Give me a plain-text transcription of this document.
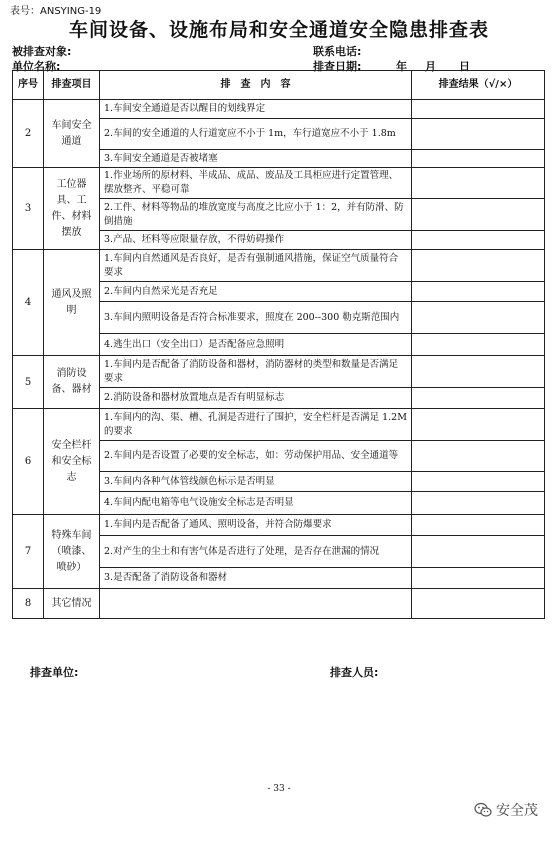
表号：ANSYING-19
车间设备、设施布局和安全通道安全隐患排查表
被排查对象:	联系电话:
单位名称:	排查日期:	年 月 日
序号	排查项目	排　查　内　容	排查结果（√/×）
2	车间安全通道	1.车间安全通道是否以醒目的划线界定	
		2.车间的安全通道的人行道宽应不小于 1m，车行道宽应不小于 1.8m	
		3.车间安全通道是否被堵塞	
3	工位器具、工件、材料摆放	1.作业场所的原材料、半成品、成品、废品及工具柜应进行定置管理、摆放整齐、平稳可靠	
		2.工件、材料等物品的堆放宽度与高度之比应小于 1：2，并有防滑、防倒措施	
		3.产品、坯料等应限量存放，不得妨碍操作	
4	通风及照明	1.车间内自然通风是否良好，是否有强制通风措施，保证空气质量符合要求	
		2.车间内自然采光是否充足	
		3.车间内照明设备是否符合标准要求，照度在 200--300 勒克斯范围内	
		4.逃生出口（安全出口）是否配备应急照明	
5	消防设备、器材	1.车间内是否配备了消防设备和器材，消防器材的类型和数量是否满足要求	
		2.消防设备和器材放置地点是否有明显标志	
6	安全栏杆和安全标志	1.车间内的沟、渠、槽、孔洞是否进行了围护，安全栏杆是否满足 1.2M 的要求	
		2.车间内是否设置了必要的安全标志，如：劳动保护用品、安全通道等	
		3.车间内各种气体管线颜色标示是否明显	
		4.车间内配电箱等电气设施安全标志是否明显	
7	特殊车间（喷漆、喷砂）	1.车间内是否配备了通风、照明设备，并符合防爆要求	
		2.对产生的尘土和有害气体是否进行了处理，是否存在泄漏的情况	
		3.是否配备了消防设备和器材	
8	其它情况		
排查单位:	排查人员:
- 33 -
安全茂
